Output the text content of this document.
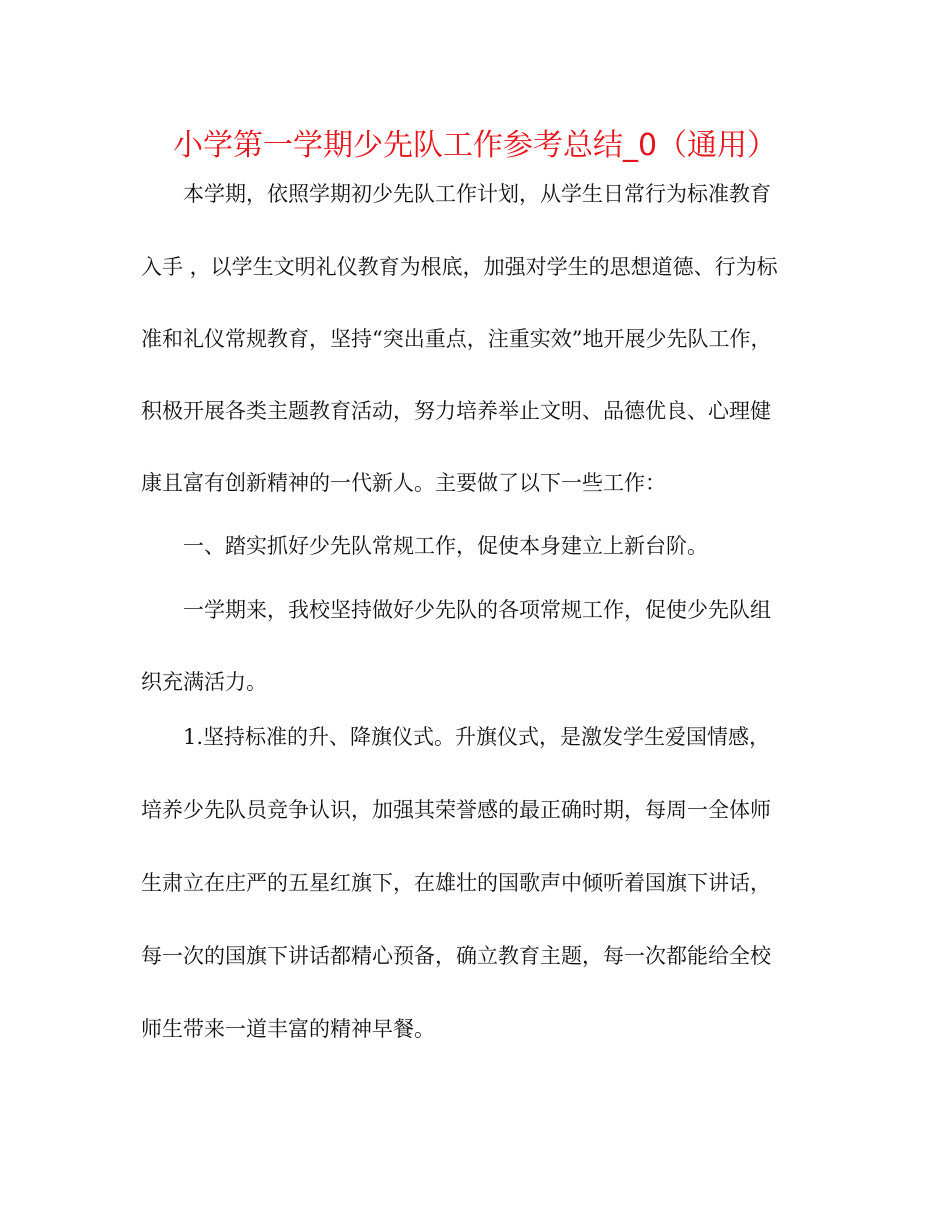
小学第一学期少先队工作参考总结_0（通用）

本学期，依照学期初少先队工作计划，从学生日常行为标准教育

入手 ，以学生文明礼仪教育为根底，加强对学生的思想道德、行为标

准和礼仪常规教育，坚持“突出重点，注重实效”地开展少先队工作，

积极开展各类主题教育活动，努力培养举止文明、品德优良、心理健

康且富有创新精神的一代新人。主要做了以下一些工作：

一、踏实抓好少先队常规工作，促使本身建立上新台阶。

一学期来，我校坚持做好少先队的各项常规工作，促使少先队组

织充满活力。

1.坚持标准的升、降旗仪式。升旗仪式，是激发学生爱国情感，

培养少先队员竞争认识，加强其荣誉感的最正确时期，每周一全体师

生肃立在庄严的五星红旗下，在雄壮的国歌声中倾听着国旗下讲话，

每一次的国旗下讲话都精心预备，确立教育主题，每一次都能给全校

师生带来一道丰富的精神早餐。
